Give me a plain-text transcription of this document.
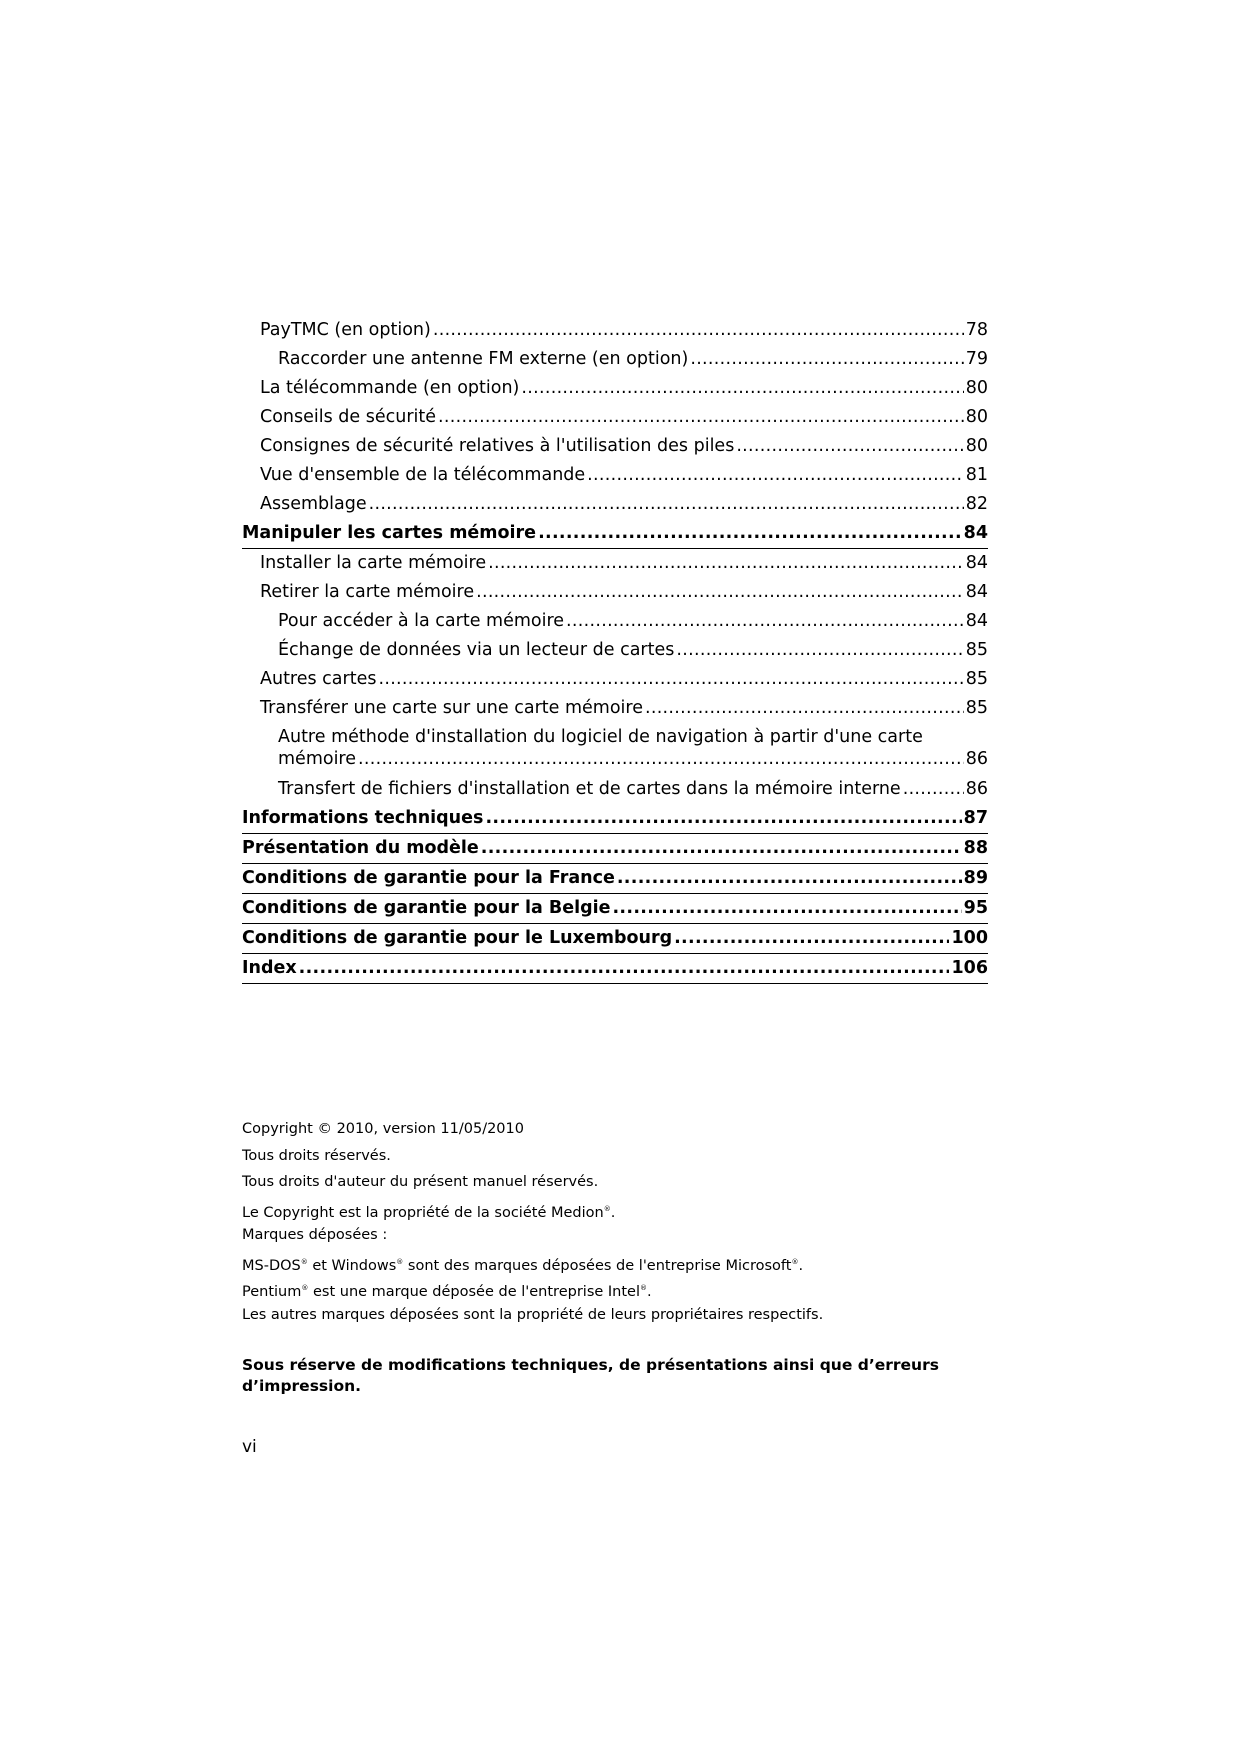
PayTMC (en option) .....	78
Raccorder une antenne FM externe (en option) .....	79
La télécommande (en option) .....	80
Conseils de sécurité .....	80
Consignes de sécurité relatives à l'utilisation des piles .....	80
Vue d'ensemble de la télécommande .....	81
Assemblage .....	82
Manipuler les cartes mémoire .....	84
Installer la carte mémoire .....	84
Retirer la carte mémoire .....	84
Pour accéder à la carte mémoire .....	84
Échange de données via un lecteur de cartes .....	85
Autres cartes .....	85
Transférer une carte sur une carte mémoire .....	85
Autre méthode d'installation du logiciel de navigation à partir d'une carte
mémoire .....	86
Transfert de fichiers d'installation et de cartes dans la mémoire interne .....	86
Informations techniques .....	87
Présentation du modèle .....	88
Conditions de garantie pour la France .....	89
Conditions de garantie pour la Belgie .....	95
Conditions de garantie pour le Luxembourg .....	100
Index .....	106
Copyright © 2010, version 11/05/2010
Tous droits réservés.
Tous droits d'auteur du présent manuel réservés.
Le Copyright est la propriété de la société Medion®.
Marques déposées :
MS-DOS® et Windows® sont des marques déposées de l'entreprise Microsoft®.
Pentium® est une marque déposée de l'entreprise Intel®.
Les autres marques déposées sont la propriété de leurs propriétaires respectifs.
Sous réserve de modifications techniques, de présentations ainsi que d’erreurs d’impression.
vi
